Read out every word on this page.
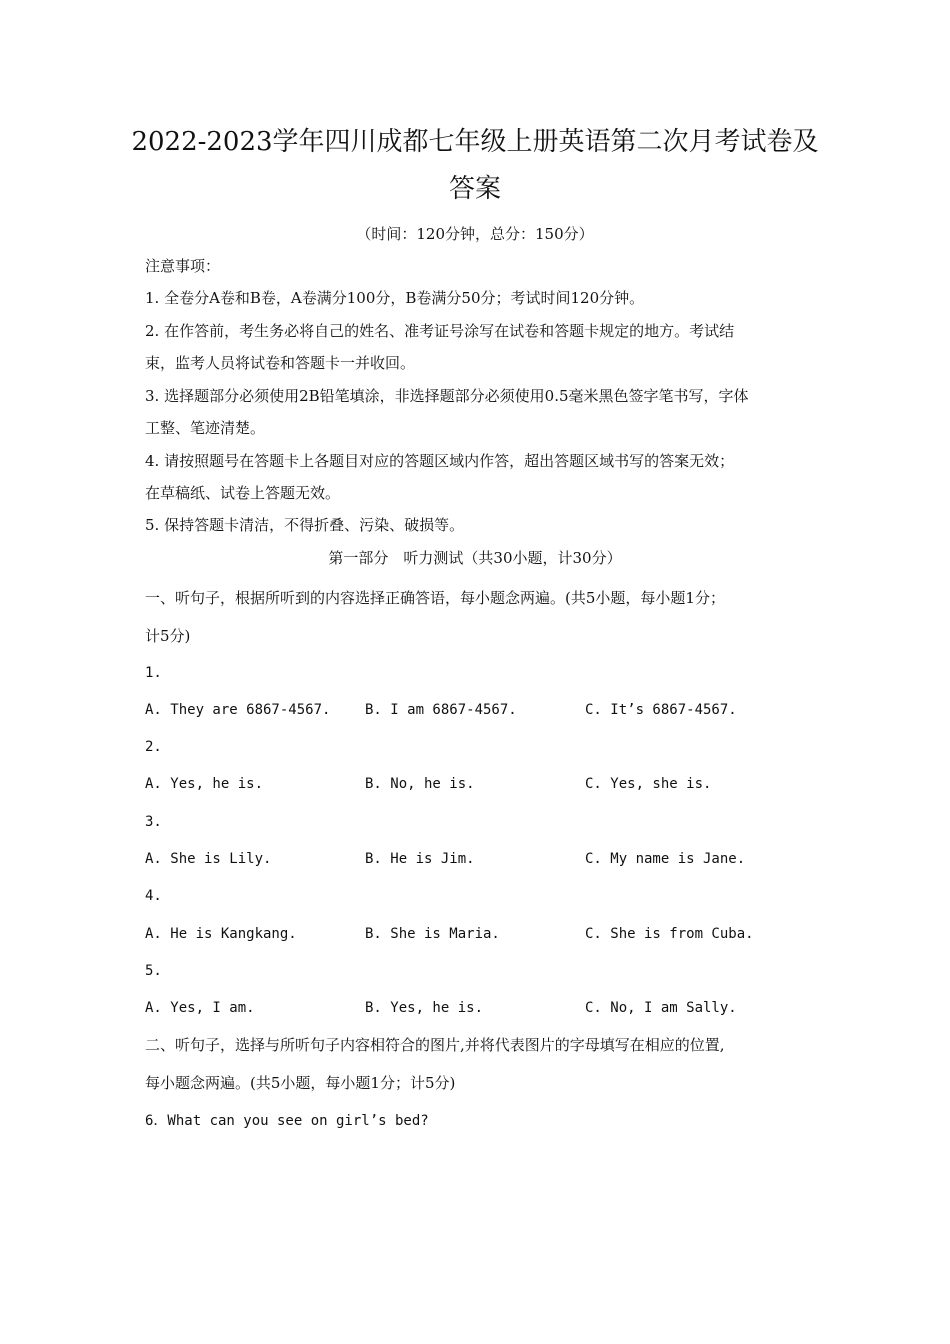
2022-2023学年四川成都七年级上册英语第二次月考试卷及
答案
（时间：120分钟，总分：150分）
注意事项：
1. 全卷分A卷和B卷，A卷满分100分，B卷满分50分；考试时间120分钟。
2. 在作答前，考生务必将自己的姓名、准考证号涂写在试卷和答题卡规定的地方。考试结
束，监考人员将试卷和答题卡一并收回。
3. 选择题部分必须使用2B铅笔填涂，非选择题部分必须使用0.5毫米黑色签字笔书写，字体
工整、笔迹清楚。
4. 请按照题号在答题卡上各题目对应的答题区域内作答，超出答题区域书写的答案无效；
在草稿纸、试卷上答题无效。
5. 保持答题卡清洁，不得折叠、污染、破损等。
第一部分　听力测试（共30小题，计30分）
一、听句子，根据所听到的内容选择正确答语，每小题念两遍。(共5小题，每小题1分；
计5分)
1.
A. They are 6867-4567. B. I am 6867-4567.	C. It’s 6867-4567.
2.
A. Yes, he is.	B. No, he is.	C. Yes, she is.
3.
A. She is Lily.	B. He is Jim.	C. My name is Jane.
4.
A. He is Kangkang.	B. She is Maria.	C. She is from Cuba.
5.
A. Yes, I am.	B. Yes, he is.	C. No, I am Sally.
二、听句子，选择与所听句子内容相符合的图片,并将代表图片的字母填写在相应的位置,
每小题念两遍。(共5小题，每小题1分；计5分)
6．What can you see on girl’s bed?
